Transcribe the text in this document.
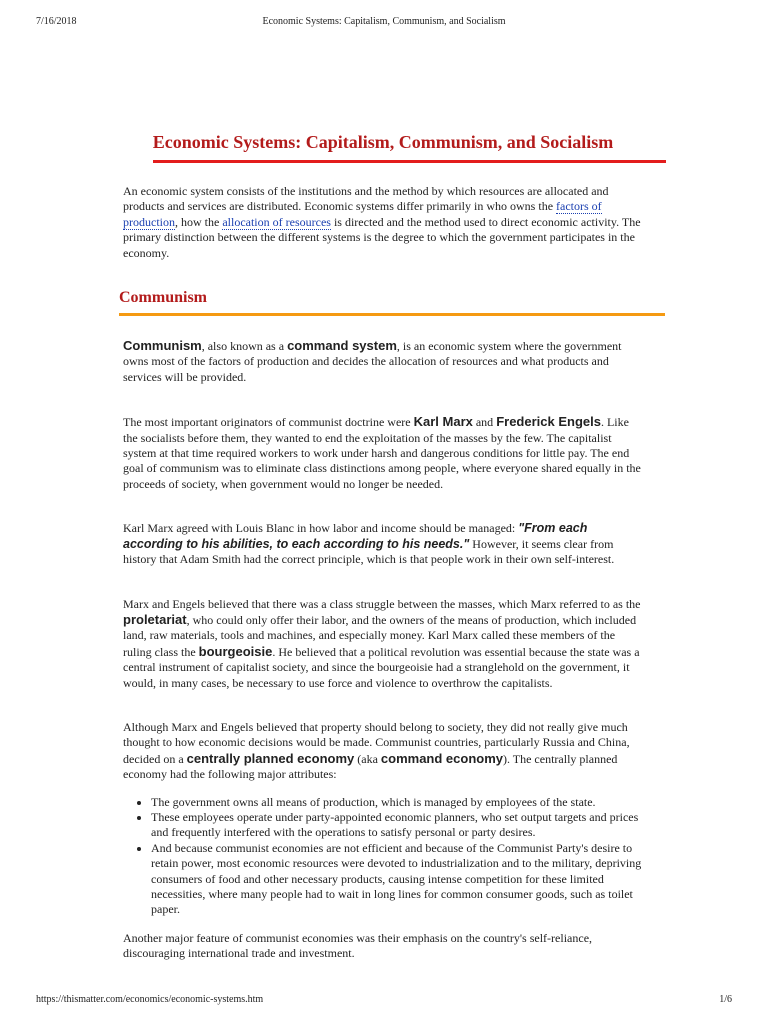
7/16/2018	Economic Systems: Capitalism, Communism, and Socialism
Economic Systems: Capitalism, Communism, and Socialism

An economic system consists of the institutions and the method by which resources are allocated and products and services are distributed. Economic systems differ primarily in who owns the factors of production, how the allocation of resources is directed and the method used to direct economic activity. The primary distinction between the different systems is the degree to which the government participates in the economy.

Communism

Communism, also known as a command system, is an economic system where the government owns most of the factors of production and decides the allocation of resources and what products and services will be provided.

The most important originators of communist doctrine were Karl Marx and Frederick Engels. Like the socialists before them, they wanted to end the exploitation of the masses by the few. The capitalist system at that time required workers to work under harsh and dangerous conditions for little pay. The end goal of communism was to eliminate class distinctions among people, where everyone shared equally in the proceeds of society, when government would no longer be needed.

Karl Marx agreed with Louis Blanc in how labor and income should be managed: "From each according to his abilities, to each according to his needs." However, it seems clear from history that Adam Smith had the correct principle, which is that people work in their own self-interest.

Marx and Engels believed that there was a class struggle between the masses, which Marx referred to as the proletariat, who could only offer their labor, and the owners of the means of production, which included land, raw materials, tools and machines, and especially money. Karl Marx called these members of the ruling class the bourgeoisie. He believed that a political revolution was essential because the state was a central instrument of capitalist society, and since the bourgeoisie had a stranglehold on the government, it would, in many cases, be necessary to use force and violence to overthrow the capitalists.

Although Marx and Engels believed that property should belong to society, they did not really give much thought to how economic decisions would be made. Communist countries, particularly Russia and China, decided on a centrally planned economy (aka command economy). The centrally planned economy had the following major attributes:

• The government owns all means of production, which is managed by employees of the state.
• These employees operate under party-appointed economic planners, who set output targets and prices and frequently interfered with the operations to satisfy personal or party desires.
• And because communist economies are not efficient and because of the Communist Party's desire to retain power, most economic resources were devoted to industrialization and to the military, depriving consumers of food and other necessary products, causing intense competition for these limited necessities, where many people had to wait in long lines for common consumer goods, such as toilet paper.

Another major feature of communist economies was their emphasis on the country's self-reliance, discouraging international trade and investment.

https://thismatter.com/economics/economic-systems.htm	1/6
